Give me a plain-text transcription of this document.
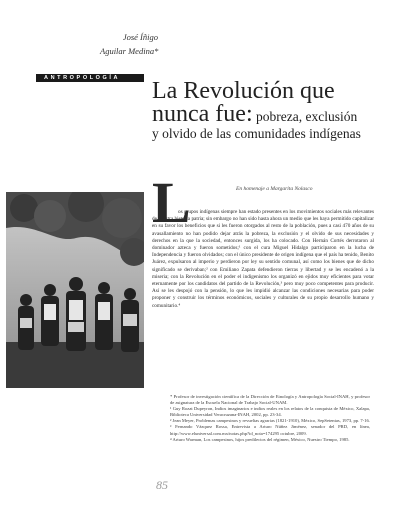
José Íñigo
Aguilar Medina*
ANTROPOLOGÍA	La Revolución que nunca fue: pobreza, exclusión
y olvido de las comunidades indígenas
En homenaje a Margarita Nolasco
L

os grupos indígenas siempre han estado presentes en los movimientos sociales más relevantes de nuestra historia patria; sin embargo no han sido hasta ahora un medio que les haya permitido capitalizar en su favor los beneficios que si les fueron otorgados al resto de la población, pues a casi 470 años de su avasallamiento no han podido dejar atrás la pobreza, la exclusión y el olvido de sus necesidades y derechos en la que la sociedad, entonces surgida, los ha colocado. Con Hernán Cortés derrotaron al dominador azteca y fueron sometidos;¹ con el cura Miguel Hidalgo participaron en la lucha de Independencia y fueron olvidados; con el único presidente de origen indígena que el país ha tenido, Benito Juárez, expulsaron al imperio y perdieron por ley su sentido comunal, así como los bienes que de dicho significado se derivaban;² con Emiliano Zapata defendieron tierras y libertad y se les encadenó a la miseria; con la Revolución en el poder el indigenismo los organizó en ejidos muy eficientes para votar eternamente por los candidatos del partido de la Revolución,³ pero muy poco competentes para producir. Así se les despojó con la pensión, lo que les impidió alcanzar las condiciones necesarias para poder proponer y construir los términos económicos, sociales y culturales de su propio desarrollo humano y comunitario.⁴

* Profesor de investigación científica de la Dirección de Etnología y Antropología Social-INAH, y profesor de asignatura de la Escuela Nacional de Trabajo Social-UNAM.

¹ Guy Rozat Dupeyron, Indios imaginarios e indios reales en los relatos de la conquista de México, Xalapa, Biblioteca Universidad Veracruzana-INAH, 2002, pp. 23-34.

² Jean Meyer, Problemas campesinos y revueltas agrarias (1821-1910), México, SepSetentas, 1973, pp. 7-16.

³ Fernando Vázquez Rossa, Entrevista a Arturo Núñez Jiménez, senador del PRD, en línea, http://www.eluniversal.com.mx/notas.php?id_nota=174295 octubre, 2009.

⁴ Arturo Warman, Los campesinos, hijos predilectos del régimen, México, Nuestro Tiempo, 1985.

85
